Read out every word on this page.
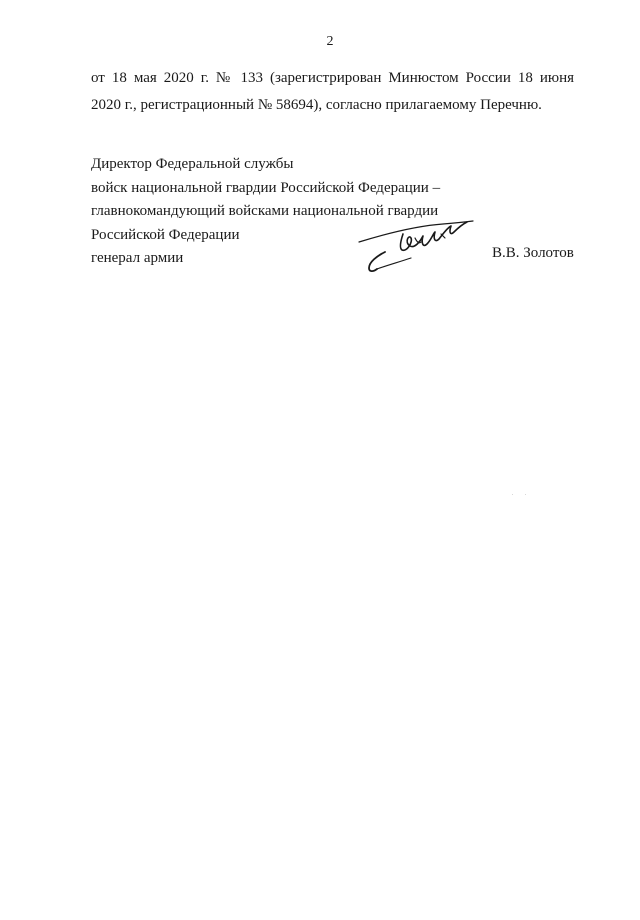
2
от 18 мая 2020 г. № 133 (зарегистрирован Минюстом России 18 июня
2020 г., регистрационный № 58694), согласно прилагаемому Перечню.
Директор Федеральной службы
войск национальной гвардии Российской Федерации –
главнокомандующий войсками национальной гвардии
Российской Федерации
генерал армии	В.В. Золотов
